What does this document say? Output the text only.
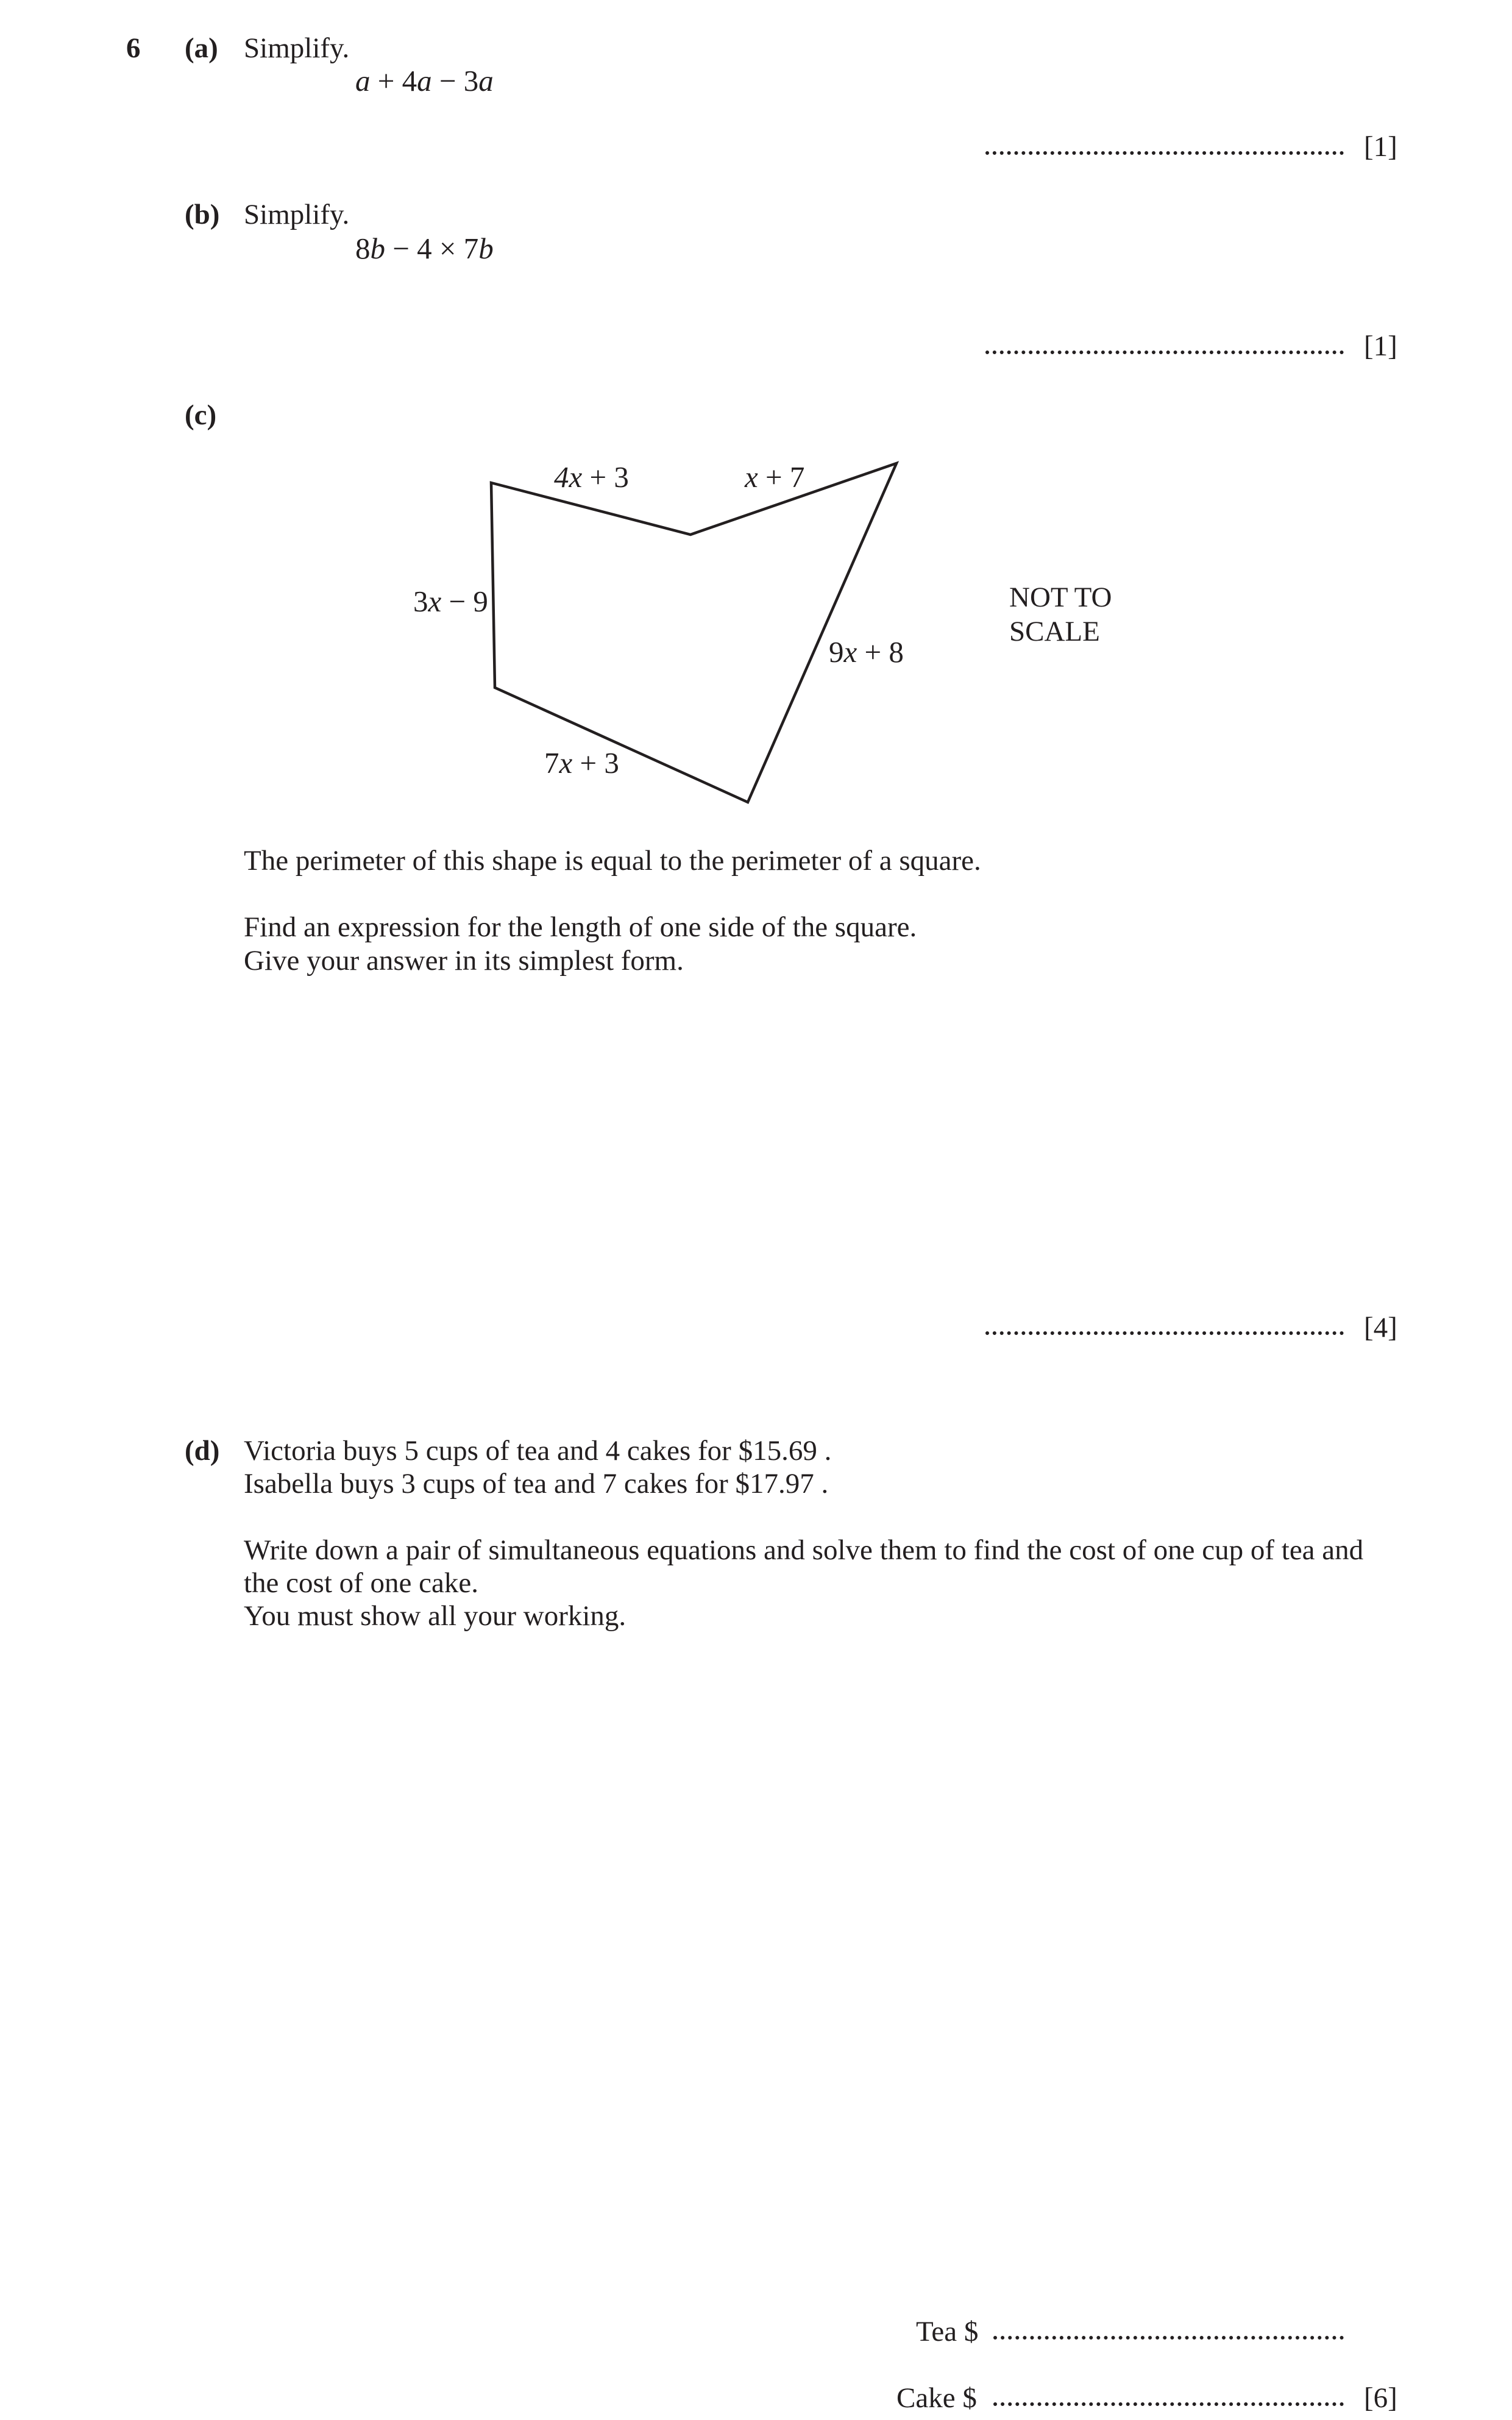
6 (a) Simplify.
a + 4a − 3a
[1]
(b) Simplify.
8b − 4 × 7b
[1]
(c)
4x + 3	x + 7
3x − 9
9x + 8
7x + 3
NOT TO
SCALE
The perimeter of this shape is equal to the perimeter of a square.
Find an expression for the length of one side of the square.
Give your answer in its simplest form.
[4]
(d) Victoria buys 5 cups of tea and 4 cakes for $15.69 .
Isabella buys 3 cups of tea and 7 cakes for $17.97 .
Write down a pair of simultaneous equations and solve them to find the cost of one cup of tea and
the cost of one cake.
You must show all your working.
Tea $
Cake $	[6]
